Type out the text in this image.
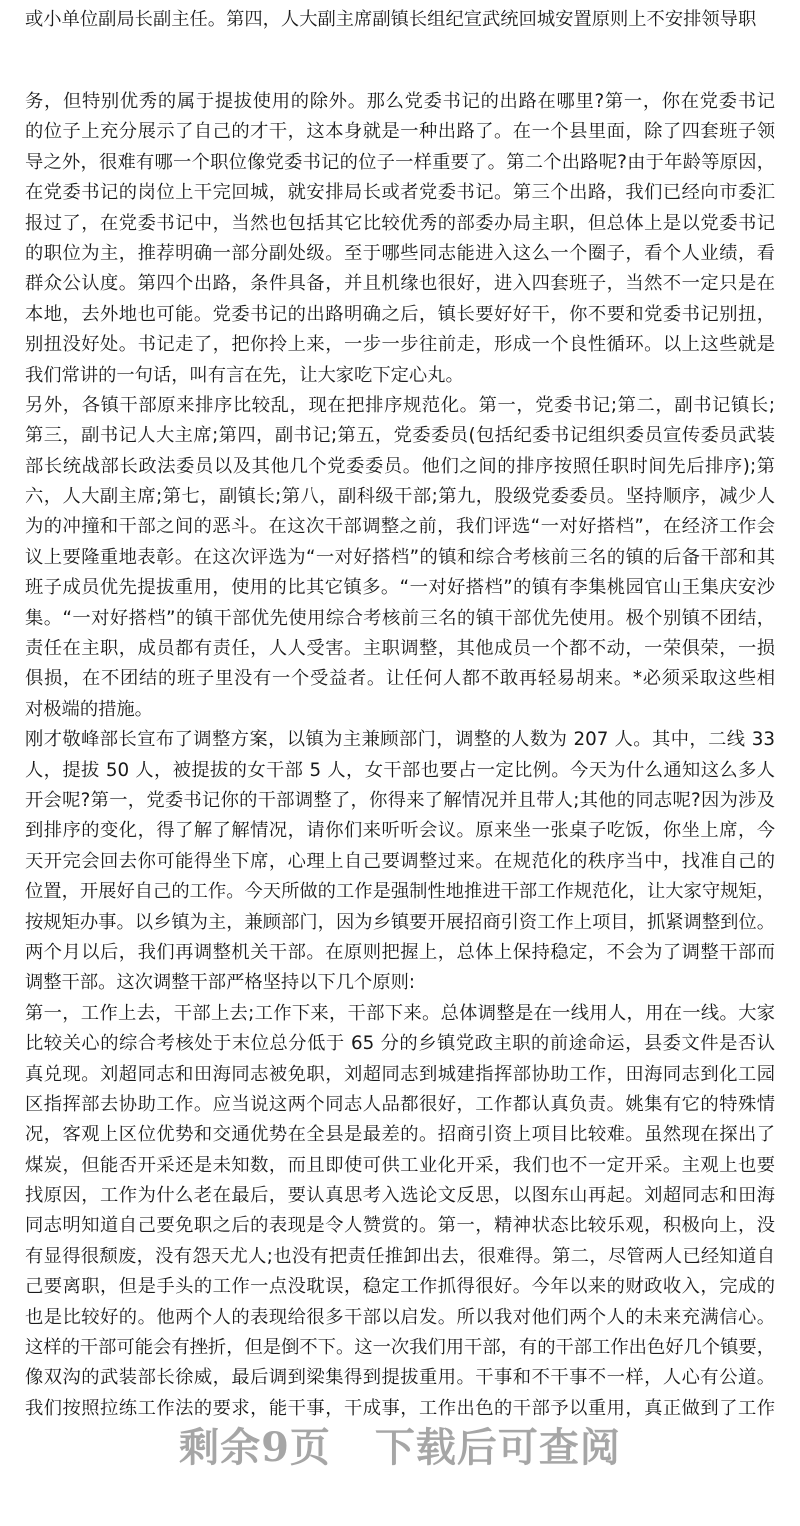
或小单位副局长副主任。第四，人大副主席副镇长组纪宣武统回城安置原则上不安排领导职
务，但特别优秀的属于提拔使用的除外。那么党委书记的出路在哪里?第一，你在党委书记
的位子上充分展示了自己的才干，这本身就是一种出路了。在一个县里面，除了四套班子领
导之外，很难有哪一个职位像党委书记的位子一样重要了。第二个出路呢?由于年龄等原因，
在党委书记的岗位上干完回城，就安排局长或者党委书记。第三个出路，我们已经向市委汇
报过了，在党委书记中，当然也包括其它比较优秀的部委办局主职，但总体上是以党委书记
的职位为主，推荐明确一部分副处级。至于哪些同志能进入这么一个圈子，看个人业绩，看
群众公认度。第四个出路，条件具备，并且机缘也很好，进入四套班子，当然不一定只是在
本地，去外地也可能。党委书记的出路明确之后，镇长要好好干，你不要和党委书记别扭，
别扭没好处。书记走了，把你拎上来，一步一步往前走，形成一个良性循环。以上这些就是
我们常讲的一句话，叫有言在先，让大家吃下定心丸。
另外，各镇干部原来排序比较乱，现在把排序规范化。第一，党委书记;第二，副书记镇长;
第三，副书记人大主席;第四，副书记;第五，党委委员(包括纪委书记组织委员宣传委员武装
部长统战部长政法委员以及其他几个党委委员。他们之间的排序按照任职时间先后排序);第
六，人大副主席;第七，副镇长;第八，副科级干部;第九，股级党委委员。坚持顺序，减少人
为的冲撞和干部之间的恶斗。在这次干部调整之前，我们评选“一对好搭档”，在经济工作会
议上要隆重地表彰。在这次评选为“一对好搭档”的镇和综合考核前三名的镇的后备干部和其
班子成员优先提拔重用，使用的比其它镇多。“一对好搭档”的镇有李集桃园官山王集庆安沙
集。“一对好搭档”的镇干部优先使用综合考核前三名的镇干部优先使用。极个别镇不团结，
责任在主职，成员都有责任，人人受害。主职调整，其他成员一个都不动，一荣俱荣，一损
俱损，在不团结的班子里没有一个受益者。让任何人都不敢再轻易胡来。*必须采取这些相
对极端的措施。
刚才敬峰部长宣布了调整方案，以镇为主兼顾部门，调整的人数为 207 人。其中，二线 33
人，提拔 50 人，被提拔的女干部 5 人，女干部也要占一定比例。今天为什么通知这么多人
开会呢?第一，党委书记你的干部调整了，你得来了解情况并且带人;其他的同志呢?因为涉及
到排序的变化，得了解了解情况，请你们来听听会议。原来坐一张桌子吃饭，你坐上席，今
天开完会回去你可能得坐下席，心理上自己要调整过来。在规范化的秩序当中，找准自己的
位置，开展好自己的工作。今天所做的工作是强制性地推进干部工作规范化，让大家守规矩，
按规矩办事。以乡镇为主，兼顾部门，因为乡镇要开展招商引资工作上项目，抓紧调整到位。
两个月以后，我们再调整机关干部。在原则把握上，总体上保持稳定，不会为了调整干部而
调整干部。这次调整干部严格坚持以下几个原则:
第一，工作上去，干部上去;工作下来，干部下来。总体调整是在一线用人，用在一线。大家
比较关心的综合考核处于末位总分低于 65 分的乡镇党政主职的前途命运，县委文件是否认
真兑现。刘超同志和田海同志被免职，刘超同志到城建指挥部协助工作，田海同志到化工园
区指挥部去协助工作。应当说这两个同志人品都很好，工作都认真负责。姚集有它的特殊情
况，客观上区位优势和交通优势在全县是最差的。招商引资上项目比较难。虽然现在探出了
煤炭，但能否开采还是未知数，而且即使可供工业化开采，我们也不一定开采。主观上也要
找原因，工作为什么老在最后，要认真思考入选论文反思，以图东山再起。刘超同志和田海
同志明知道自己要免职之后的表现是令人赞赏的。第一，精神状态比较乐观，积极向上，没
有显得很颓废，没有怨天尤人;也没有把责任推卸出去，很难得。第二，尽管两人已经知道自
己要离职，但是手头的工作一点没耽误，稳定工作抓得很好。今年以来的财政收入，完成的
也是比较好的。他两个人的表现给很多干部以启发。所以我对他们两个人的未来充满信心。
这样的干部可能会有挫折，但是倒不下。这一次我们用干部，有的干部工作出色好几个镇要，
像双沟的武装部长徐威，最后调到梁集得到提拔重用。干事和不干事不一样，人心有公道。
我们按照拉练工作法的要求，能干事，干成事，工作出色的干部予以重用，真正做到了工作
剩余9页 下载后可查阅
